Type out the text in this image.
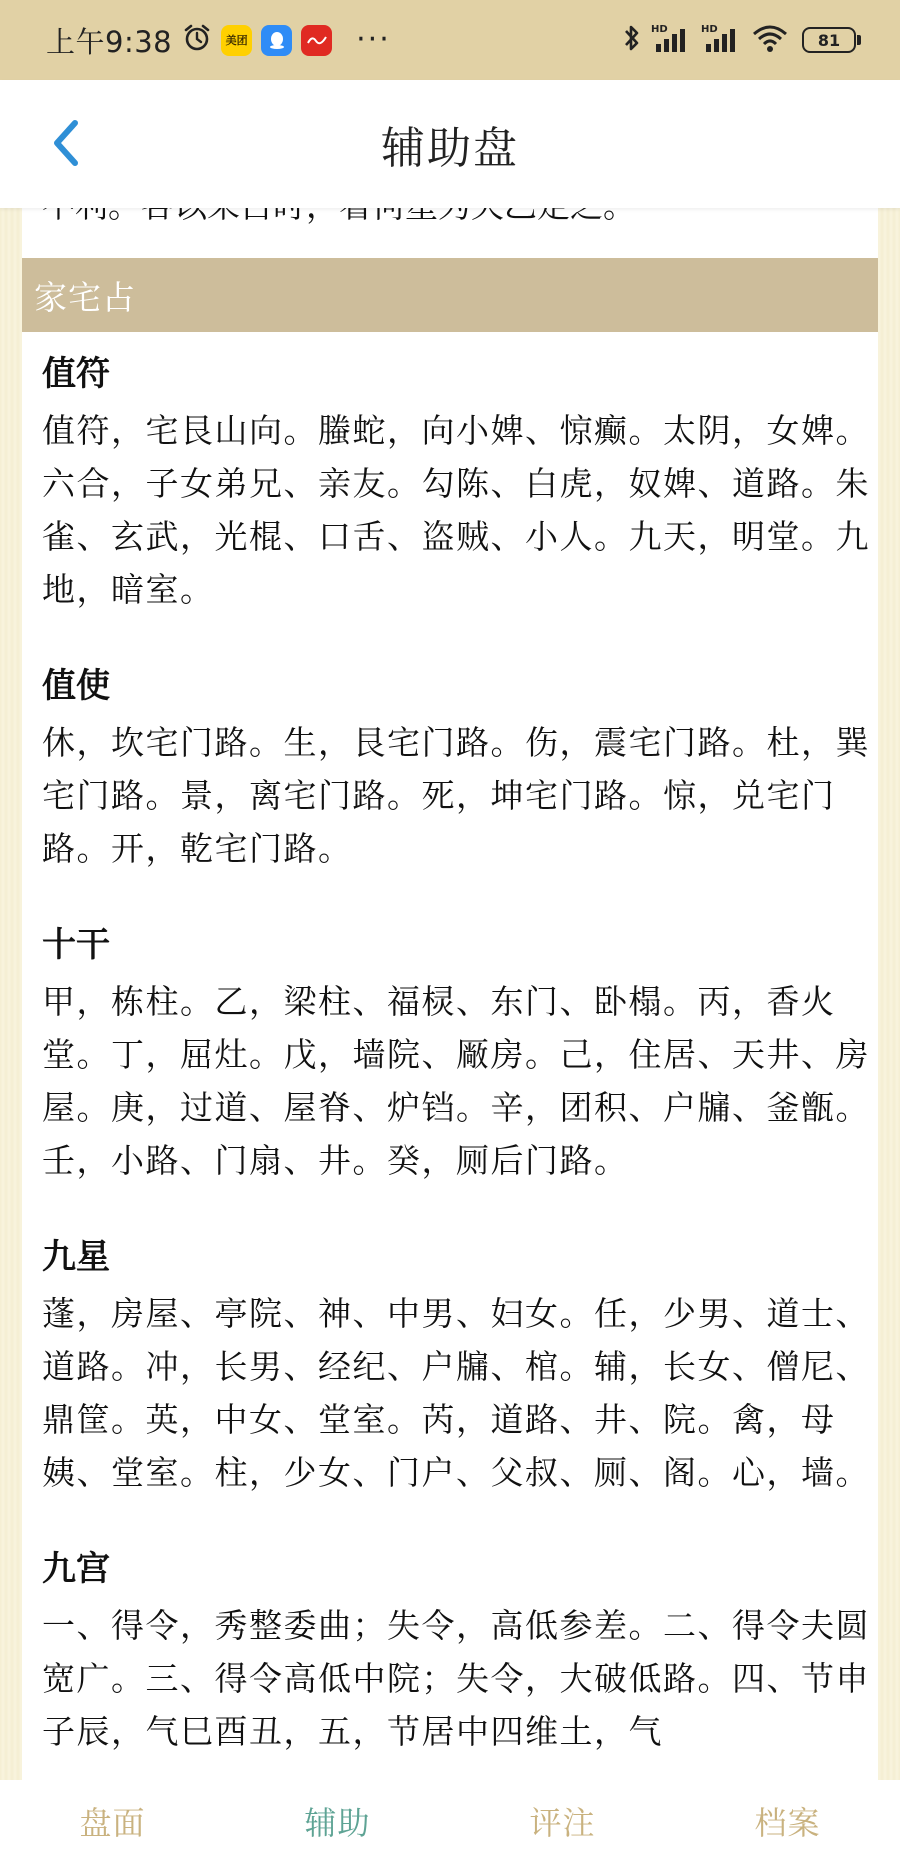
上午9:38	美团	···	HD	HD
81
辅助盘
家宅占
值符
值符，宅艮山向。螣蛇，向小婢、惊癫。太阴，女婢。六合，子女弟兄、亲友。勾陈、白虎，奴婢、道路。朱雀、玄武，光棍、口舌、盗贼、小人。九天，明堂。九地，暗室。
值使
休，坎宅门路。生，艮宅门路。伤，震宅门路。杜，巽宅门路。景，离宅门路。死，坤宅门路。惊，兑宅门路。开，乾宅门路。
十干
甲，栋柱。乙，梁柱、福棂、东门、卧榻。丙，香火堂。丁，屈灶。戊，墙院、厰房。己，住居、天井、房屋。庚，过道、屋脊、炉铛。辛，团积、户牖、釜甑。壬，小路、门扇、井。癸，厕后门路。
九星
蓬，房屋、亭院、神、中男、妇女。任，少男、道士、道路。冲，长男、经纪、户牖、棺。辅，长女、僧尼、鼎筐。英，中女、堂室。芮，道路、井、院。禽，母姨、堂室。柱，少女、门户、父叔、厕、阁。心，墙。
九宫
一、得令，秀整委曲；失令，高低参差。二、得令夫圆宽广。三、得令高低中院；失令，大破低路。四、节申子辰，气巳酉丑，五，节居中四维土，气
盘面	辅助	评注	档案
